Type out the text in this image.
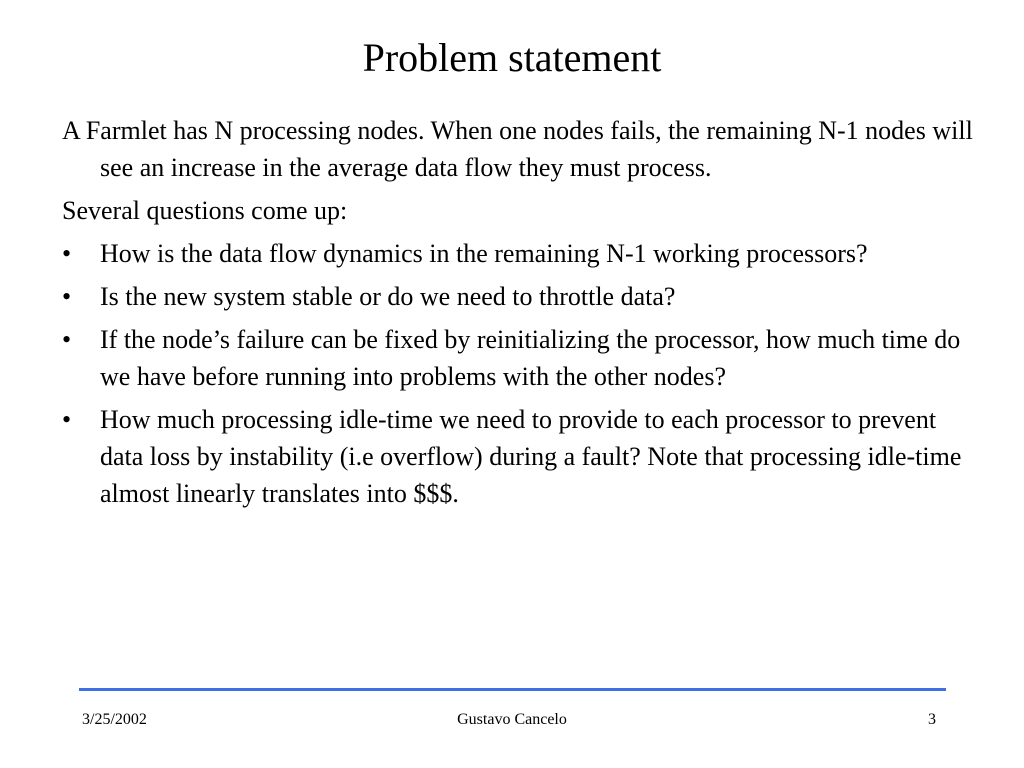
Problem statement

A Farmlet has N processing nodes. When one nodes fails, the remaining N-1 nodes will see an increase in the average data flow they must process.

Several questions come up:

• How is the data flow dynamics in the remaining N-1 working processors?
• Is the new system stable or do we need to throttle data?
• If the node’s failure can be fixed by reinitializing the processor, how much time do we have before running into problems with the other nodes?
• How much processing idle-time we need to provide to each processor to prevent data loss by instability (i.e overflow) during a fault? Note that processing idle-time almost linearly translates into $$$.
3/25/2002	Gustavo Cancelo	3
